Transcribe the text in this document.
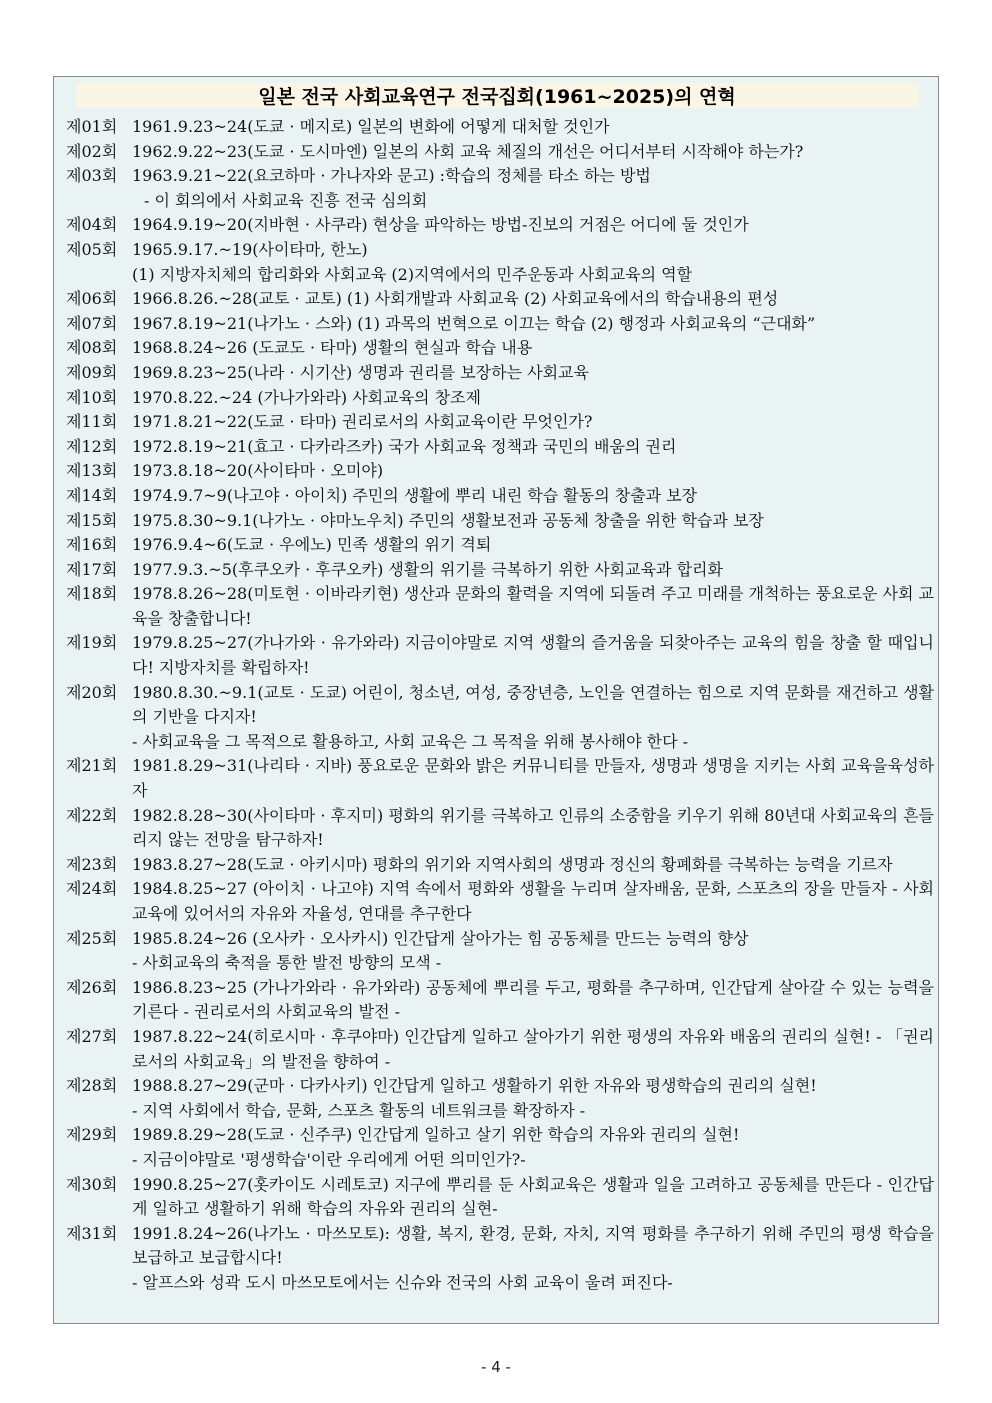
일본 전국 사회교육연구 전국집회(1961~2025)의 연혁
제01회 1961.9.23~24(도쿄 · 메지로) 일본의 변화에 어떻게 대처할 것인가
제02회 1962.9.22~23(도쿄 · 도시마엔) 일본의 사회 교육 체질의 개선은 어디서부터 시작해야 하는가?
제03회 1963.9.21~22(요코하마 · 가나자와 문고) :학습의 정체를 타소 하는 방법
- 이 회의에서 사회교육 진흥 전국 심의회
제04회 1964.9.19~20(지바현 · 사쿠라) 현상을 파악하는 방법-진보의 거점은 어디에 둘 것인가
제05회 1965.9.17.~19(사이타마, 한노)
(1) 지방자치체의 합리화와 사회교육 (2)지역에서의 민주운동과 사회교육의 역할
제06회 1966.8.26.~28(교토 · 교토) (1) 사회개발과 사회교육 (2) 사회교육에서의 학습내용의 편성
제07회 1967.8.19~21(나가노 · 스와) (1) 과목의 번혁으로 이끄는 학습 (2) 행정과 사회교육의 “근대화”
제08회 1968.8.24~26 (도쿄도 · 타마) 생활의 현실과 학습 내용
제09회 1969.8.23~25(나라 · 시기산) 생명과 권리를 보장하는 사회교육
제10회 1970.8.22.~24 (가나가와라) 사회교육의 창조제
제11회 1971.8.21~22(도쿄 · 타마) 권리로서의 사회교육이란 무엇인가?
제12회 1972.8.19~21(효고 · 다카라즈카) 국가 사회교육 정책과 국민의 배움의 권리
제13회 1973.8.18~20(사이타마 · 오미야)
제14회 1974.9.7~9(나고야 · 아이치) 주민의 생활에 뿌리 내린 학습 활동의 창출과 보장
제15회 1975.8.30~9.1(나가노 · 야마노우치) 주민의 생활보전과 공동체 창출을 위한 학습과 보장
제16회 1976.9.4~6(도쿄 · 우에노) 민족 생활의 위기 격퇴
제17회 1977.9.3.~5(후쿠오카 · 후쿠오카) 생활의 위기를 극복하기 위한 사회교육과 합리화
제18회 1978.8.26~28(미토현 · 이바라키현) 생산과 문화의 활력을 지역에 되돌려 주고 미래를 개척하는 풍요로운 사회 교육을 창출합니다!
제19회 1979.8.25~27(가나가와 · 유가와라) 지금이야말로 지역 생활의 즐거움을 되찾아주는 교육의 힘을 창출 할 때입니다! 지방자치를 확립하자!
제20회 1980.8.30.~9.1(교토 · 도쿄) 어린이, 청소년, 여성, 중장년층, 노인을 연결하는 힘으로 지역 문화를 재건하고 생활의 기반을 다지자!
- 사회교육을 그 목적으로 활용하고, 사회 교육은 그 목적을 위해 봉사해야 한다 -
제21회 1981.8.29~31(나리타 · 지바) 풍요로운 문화와 밝은 커뮤니티를 만들자, 생명과 생명을 지키는 사회 교육을육성하자
제22회 1982.8.28~30(사이타마 · 후지미) 평화의 위기를 극복하고 인류의 소중함을 키우기 위해 80년대 사회교육의 흔들리지 않는 전망을 탐구하자!
제23회 1983.8.27~28(도쿄 · 아키시마) 평화의 위기와 지역사회의 생명과 정신의 황폐화를 극복하는 능력을 기르자
제24회 1984.8.25~27 (아이치 · 나고야) 지역 속에서 평화와 생활을 누리며 살자배움, 문화, 스포츠의 장을 만들자 - 사회 교육에 있어서의 자유와 자율성, 연대를 추구한다
제25회 1985.8.24~26 (오사카 · 오사카시) 인간답게 살아가는 힘 공동체를 만드는 능력의 향상
- 사회교육의 축적을 통한 발전 방향의 모색 -
제26회 1986.8.23~25 (가나가와라 · 유가와라) 공동체에 뿌리를 두고, 평화를 추구하며, 인간답게 살아갈 수 있는 능력을 기른다 - 권리로서의 사회교육의 발전 -
제27회 1987.8.22~24(히로시마 · 후쿠야마) 인간답게 일하고 살아가기 위한 평생의 자유와 배움의 권리의 실현! - 「권리로서의 사회교육」의 발전을 향하여 -
제28회 1988.8.27~29(군마 · 다카사키) 인간답게 일하고 생활하기 위한 자유와 평생학습의 권리의 실현!
- 지역 사회에서 학습, 문화, 스포츠 활동의 네트워크를 확장하자 -
제29회 1989.8.29~28(도쿄 · 신주쿠) 인간답게 일하고 살기 위한 학습의 자유와 권리의 실현!
- 지금이야말로 '평생학습'이란 우리에게 어떤 의미인가?-
제30회 1990.8.25~27(홋카이도 시레토코) 지구에 뿌리를 둔 사회교육은 생활과 일을 고려하고 공동체를 만든다 - 인간답게 일하고 생활하기 위해 학습의 자유와 권리의 실현-
제31회 1991.8.24~26(나가노 · 마쓰모토): 생활, 복지, 환경, 문화, 자치, 지역 평화를 추구하기 위해 주민의 평생 학습을 보급하고 보급합시다!
- 알프스와 성곽 도시 마쓰모토에서는 신슈와 전국의 사회 교육이 울려 퍼진다-
- 4 -
